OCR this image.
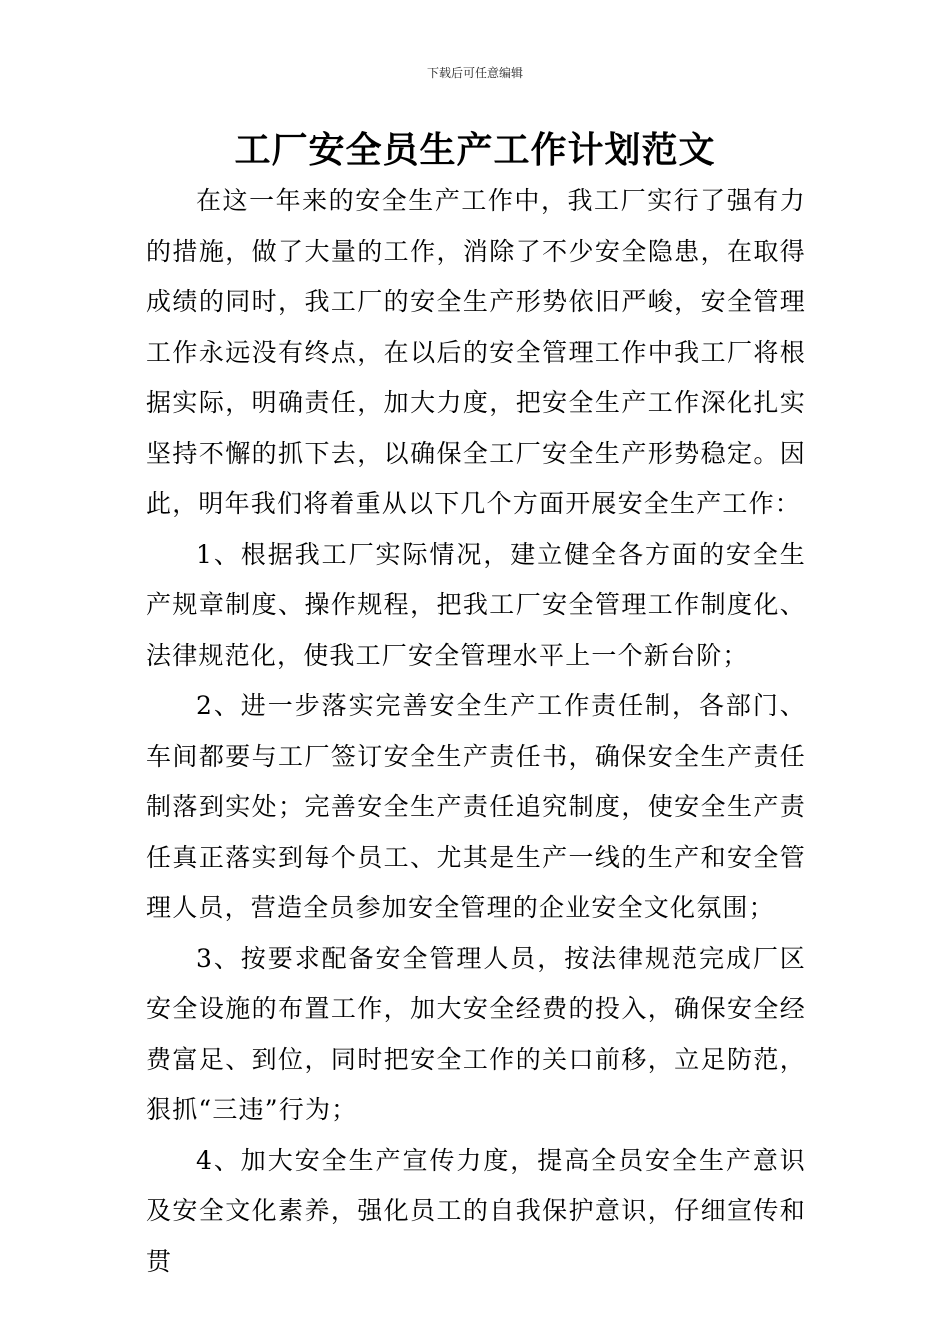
下载后可任意编辑
工厂安全员生产工作计划范文

在这一年来的安全生产工作中，我工厂实行了强有力的措施，做了大量的工作，消除了不少安全隐患，在取得成绩的同时，我工厂的安全生产形势依旧严峻，安全管理工作永远没有终点，在以后的安全管理工作中我工厂将根据实际，明确责任，加大力度，把安全生产工作深化扎实坚持不懈的抓下去，以确保全工厂安全生产形势稳定。因此，明年我们将着重从以下几个方面开展安全生产工作：

1、根据我工厂实际情况，建立健全各方面的安全生产规章制度、操作规程，把我工厂安全管理工作制度化、法律规范化，使我工厂安全管理水平上一个新台阶；

2、进一步落实完善安全生产工作责任制，各部门、车间都要与工厂签订安全生产责任书，确保安全生产责任制落到实处；完善安全生产责任追究制度，使安全生产责任真正落实到每个员工、尤其是生产一线的生产和安全管理人员，营造全员参加安全管理的企业安全文化氛围；

3、按要求配备安全管理人员，按法律规范完成厂区安全设施的布置工作，加大安全经费的投入，确保安全经费富足、到位，同时把安全工作的关口前移，立足防范，狠抓“三违”行为；

4、加大安全生产宣传力度，提高全员安全生产意识及安全文化素养，强化员工的自我保护意识，仔细宣传和贯
